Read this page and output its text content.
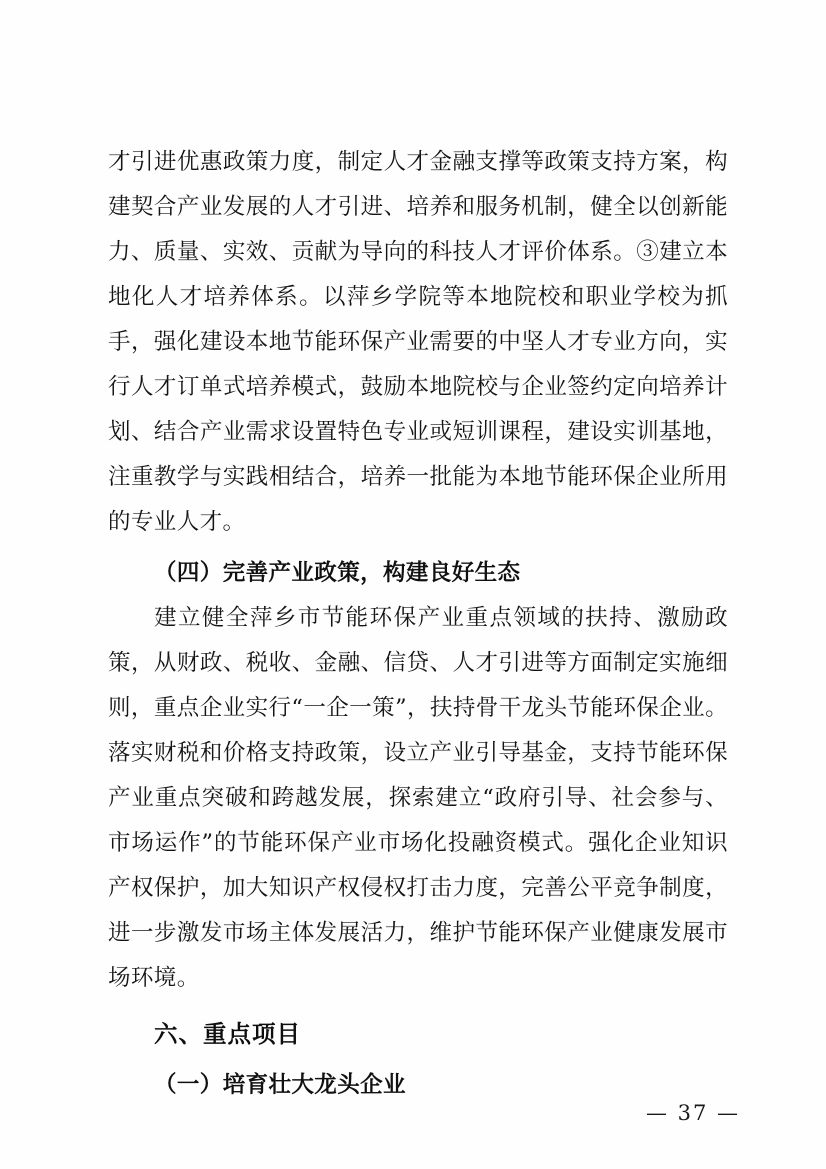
才引进优惠政策力度，制定人才金融支撑等政策支持方案，构建契合产业发展的人才引进、培养和服务机制，健全以创新能力、质量、实效、贡献为导向的科技人才评价体系。③建立本地化人才培养体系。以萍乡学院等本地院校和职业学校为抓手，强化建设本地节能环保产业需要的中坚人才专业方向，实行人才订单式培养模式，鼓励本地院校与企业签约定向培养计划、结合产业需求设置特色专业或短训课程，建设实训基地，注重教学与实践相结合，培养一批能为本地节能环保企业所用的专业人才。

（四）完善产业政策，构建良好生态

建立健全萍乡市节能环保产业重点领域的扶持、激励政策，从财政、税收、金融、信贷、人才引进等方面制定实施细则，重点企业实行“一企一策”，扶持骨干龙头节能环保企业。落实财税和价格支持政策，设立产业引导基金，支持节能环保产业重点突破和跨越发展，探索建立“政府引导、社会参与、市场运作”的节能环保产业市场化投融资模式。强化企业知识产权保护，加大知识产权侵权打击力度，完善公平竞争制度，进一步激发市场主体发展活力，维护节能环保产业健康发展市场环境。

六、重点项目

（一）培育壮大龙头企业

— 37 —
